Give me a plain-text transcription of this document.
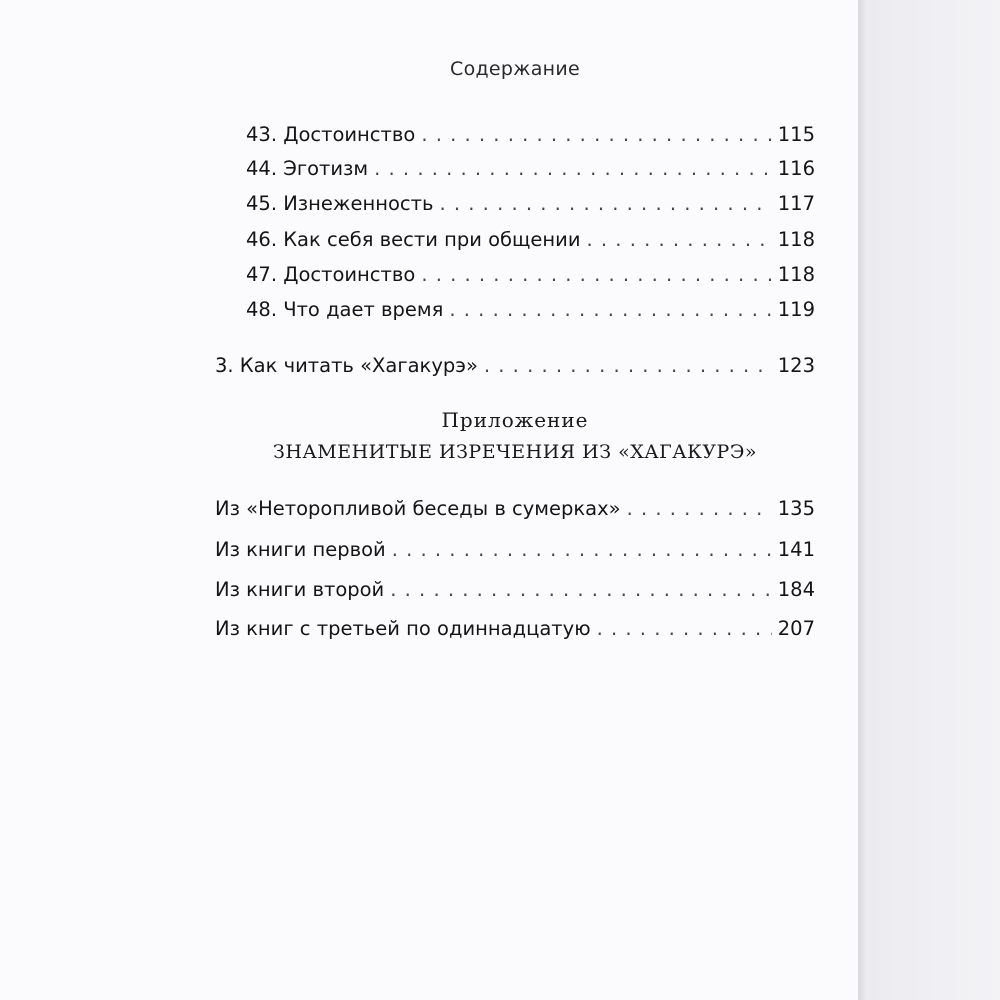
Содержание
43. Достоинство . . .	115
44. Эготизм . . .	116
45. Изнеженность . . .	117
46. Как себя вести при общении . . .	118
47. Достоинство . . .	118
48. Что дает время . . .	119
3. Как читать «Хагакурэ» . . .	123
Приложение
ЗНАМЕНИТЫЕ ИЗРЕЧЕНИЯ ИЗ «ХАГАКУРЭ»
Из «Неторопливой беседы в сумерках» . . .	135
Из книги первой . . .	141
Из книги второй . . .	184
Из книг с третьей по одиннадцатую . . .	207
